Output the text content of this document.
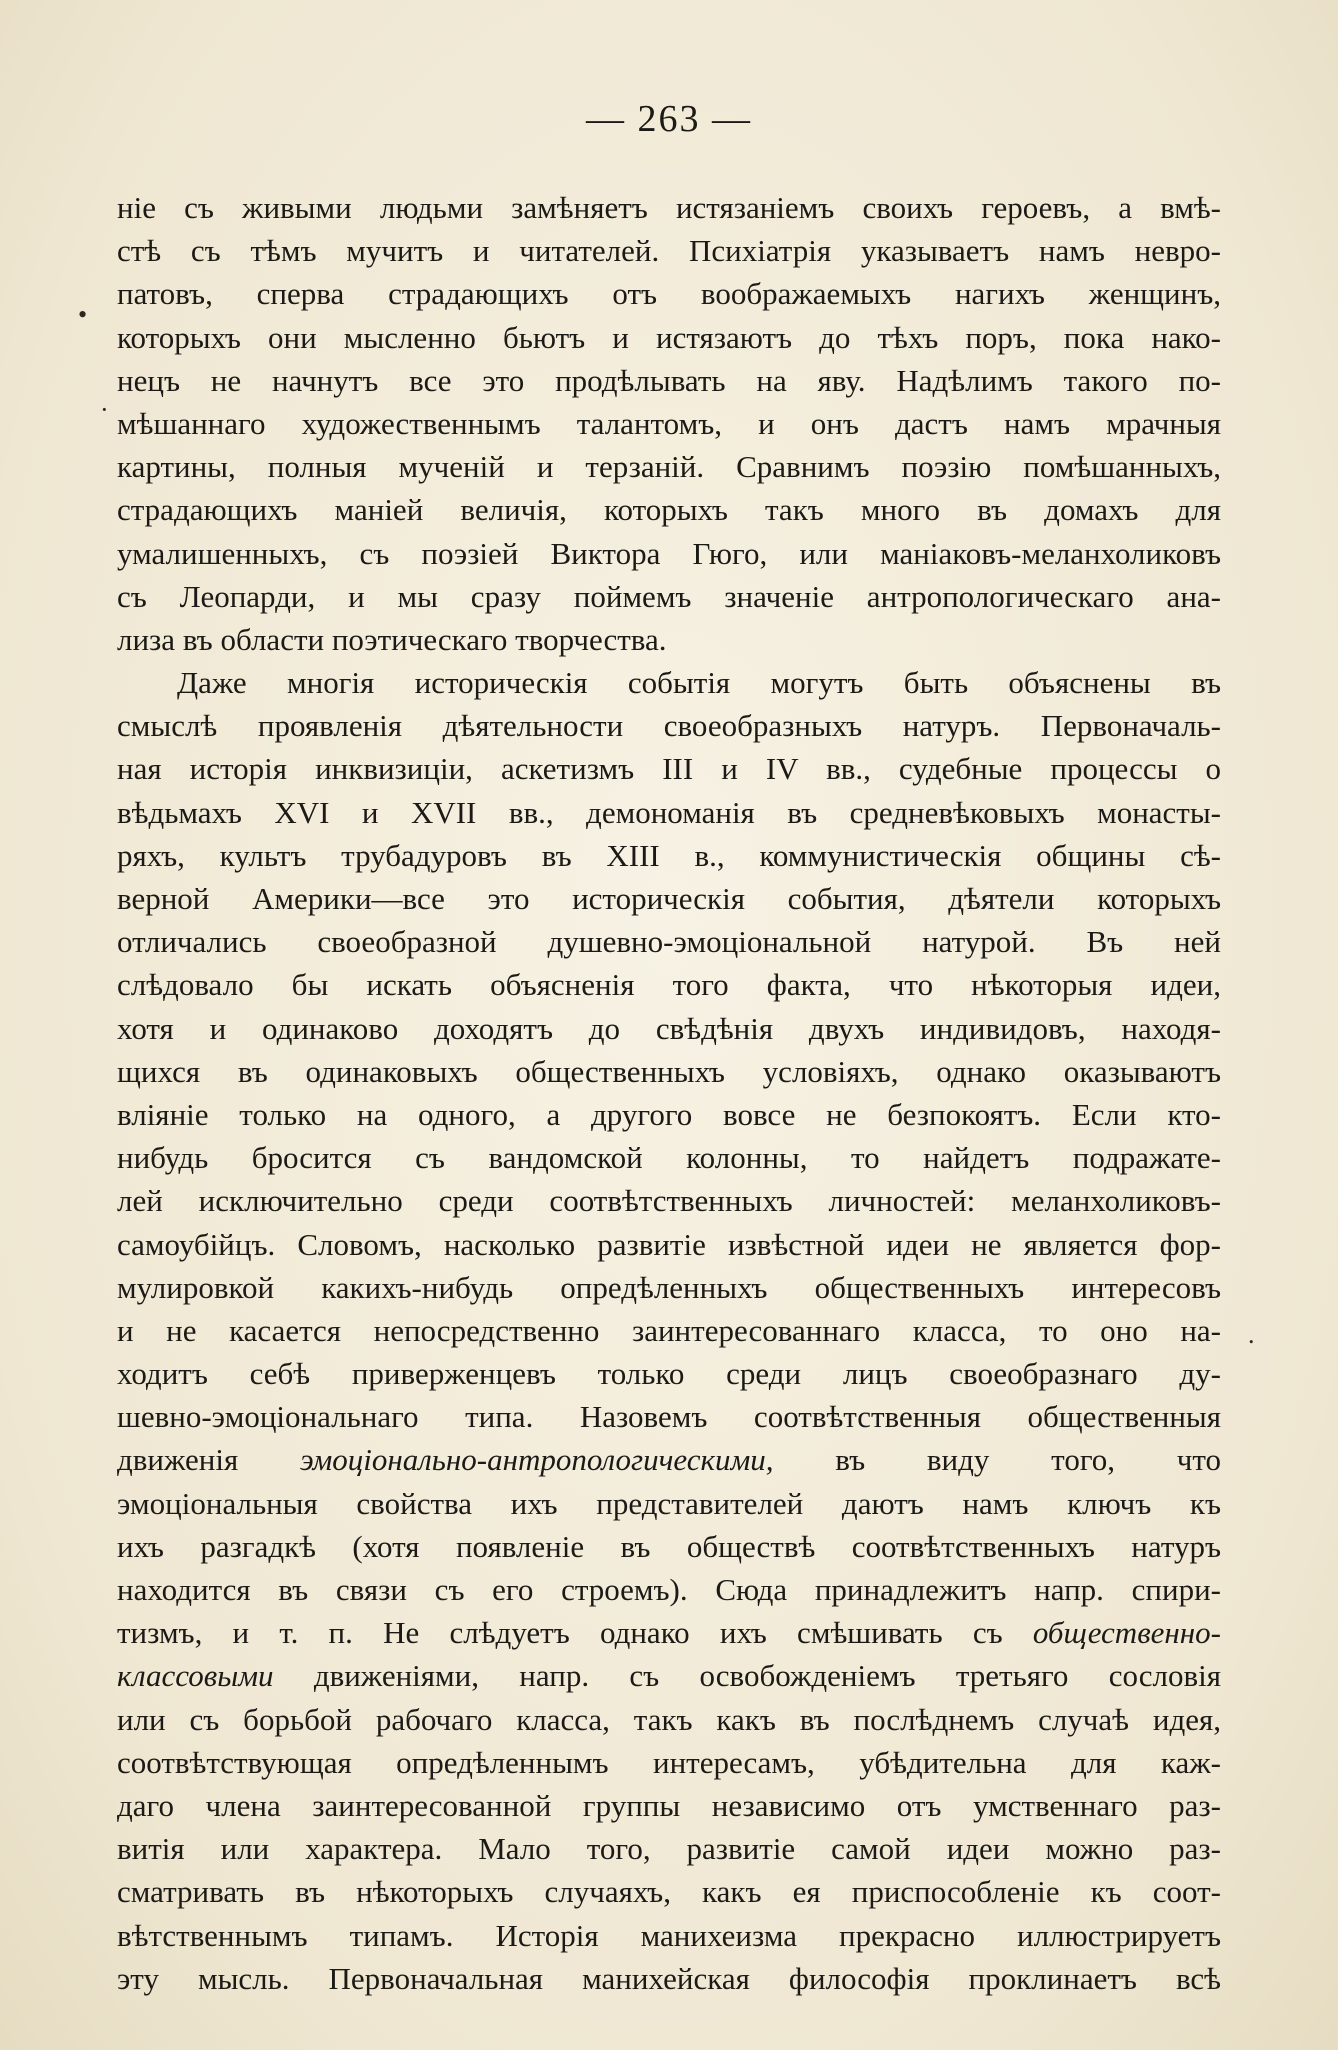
— 263 —
•
·
.
ніе съ живыми людьми замѣняетъ истязаніемъ своихъ героевъ, а вмѣ-
стѣ съ тѣмъ мучитъ и читателей. Психіатрія указываетъ намъ невро-
патовъ, сперва страдающихъ отъ воображаемыхъ нагихъ женщинъ,
которыхъ они мысленно бьютъ и истязаютъ до тѣхъ поръ, пока нако-
нецъ не начнутъ все это продѣлывать на яву. Надѣлимъ такого по-
мѣшаннаго художественнымъ талантомъ, и онъ дастъ намъ мрачныя
картины, полныя мученій и терзаній. Сравнимъ поэзію помѣшанныхъ,
страдающихъ маніей величія, которыхъ такъ много въ домахъ для
умалишенныхъ, съ поэзіей Виктора Гюго, или маніаковъ-меланхоликовъ
съ Леопарди, и мы сразу поймемъ значеніе антропологическаго ана-
лиза въ области поэтическаго творчества.
Даже многія историческія событія могутъ быть объяснены въ
смыслѣ проявленія дѣятельности своеобразныхъ натуръ. Первоначаль-
ная исторія инквизиціи, аскетизмъ III и IV вв., судебные процессы о
вѣдьмахъ XVI и XVII вв., демономанія въ средневѣковыхъ монасты-
ряхъ, культъ трубадуровъ въ XIII в., коммунистическія общины сѣ-
верной Америки—все это историческія события, дѣятели которыхъ
отличались своеобразной душевно-эмоціональной натурой. Въ ней
слѣдовало бы искать объясненія того факта, что нѣкоторыя идеи,
хотя и одинаково доходятъ до свѣдѣнія двухъ индивидовъ, находя-
щихся въ одинаковыхъ общественныхъ условіяхъ, однако оказываютъ
вліяніе только на одного, а другого вовсе не безпокоятъ. Если кто-
нибудь бросится съ вандомской колонны, то найдетъ подражате-
лей исключительно среди соотвѣтственныхъ личностей: меланхоликовъ-
самоубійцъ. Словомъ, насколько развитіе извѣстной идеи не является фор-
мулировкой какихъ-нибудь опредѣленныхъ общественныхъ интересовъ
и не касается непосредственно заинтересованнаго класса, то оно на-
ходитъ себѣ приверженцевъ только среди лицъ своеобразнаго ду-
шевно-эмоціональнаго типа. Назовемъ соотвѣтственныя общественныя
движенія эмоціонально-антропологическими, въ виду того, что
эмоціональныя свойства ихъ представителей даютъ намъ ключъ къ
ихъ разгадкѣ (хотя появленіе въ обществѣ соотвѣтственныхъ натуръ
находится въ связи съ его строемъ). Сюда принадлежитъ напр. спири-
тизмъ, и т. п. Не слѣдуетъ однако ихъ смѣшивать съ общественно-
классовыми движеніями, напр. съ освобожденіемъ третьяго сословія
или съ борьбой рабочаго класса, такъ какъ въ послѣднемъ случаѣ идея,
соотвѣтствующая опредѣленнымъ интересамъ, убѣдительна для каж-
даго члена заинтересованной группы независимо отъ умственнаго раз-
витія или характера. Мало того, развитіе самой идеи можно раз-
сматривать въ нѣкоторыхъ случаяхъ, какъ ея приспособленіе къ соот-
вѣтственнымъ типамъ. Исторія манихеизма прекрасно иллюстрируетъ
эту мысль. Первоначальная манихейская философія проклинаетъ всѣ
